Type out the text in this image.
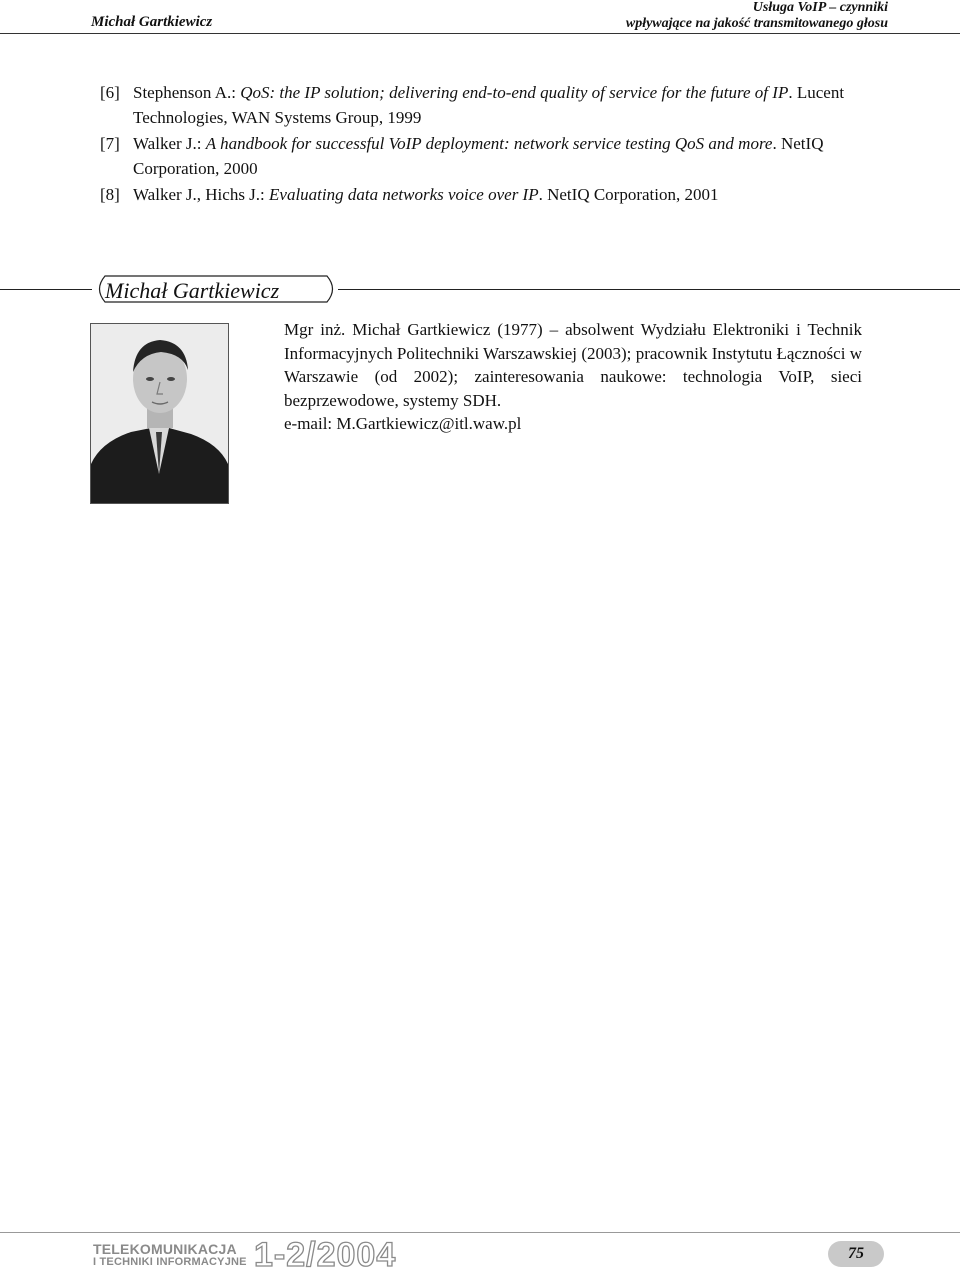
Michał Gartkiewicz
Usługa VoIP – czynniki
wpływające na jakość transmitowanego głosu
[6] Stephenson A.: QoS: the IP solution; delivering end-to-end quality of service for the future of IP. Lucent Technologies, WAN Systems Group, 1999
[7] Walker J.: A handbook for successful VoIP deployment: network service testing QoS and more. NetIQ Corporation, 2000
[8] Walker J., Hichs J.: Evaluating data networks voice over IP. NetIQ Corporation, 2001
Michał Gartkiewicz
Mgr inż. Michał Gartkiewicz (1977) – absolwent Wydziału Elektroniki i Technik Informacyjnych Politechniki Warszawskiej (2003); pracownik Instytutu Łączności w Warszawie (od 2002); zainteresowania naukowe: technologia VoIP, sieci bezprzewodowe, systemy SDH.
e-mail: M.Gartkiewicz@itl.waw.pl
TELEKOMUNIKACJA
I TECHNIKI INFORMACYJNE 1-2/2004	75
